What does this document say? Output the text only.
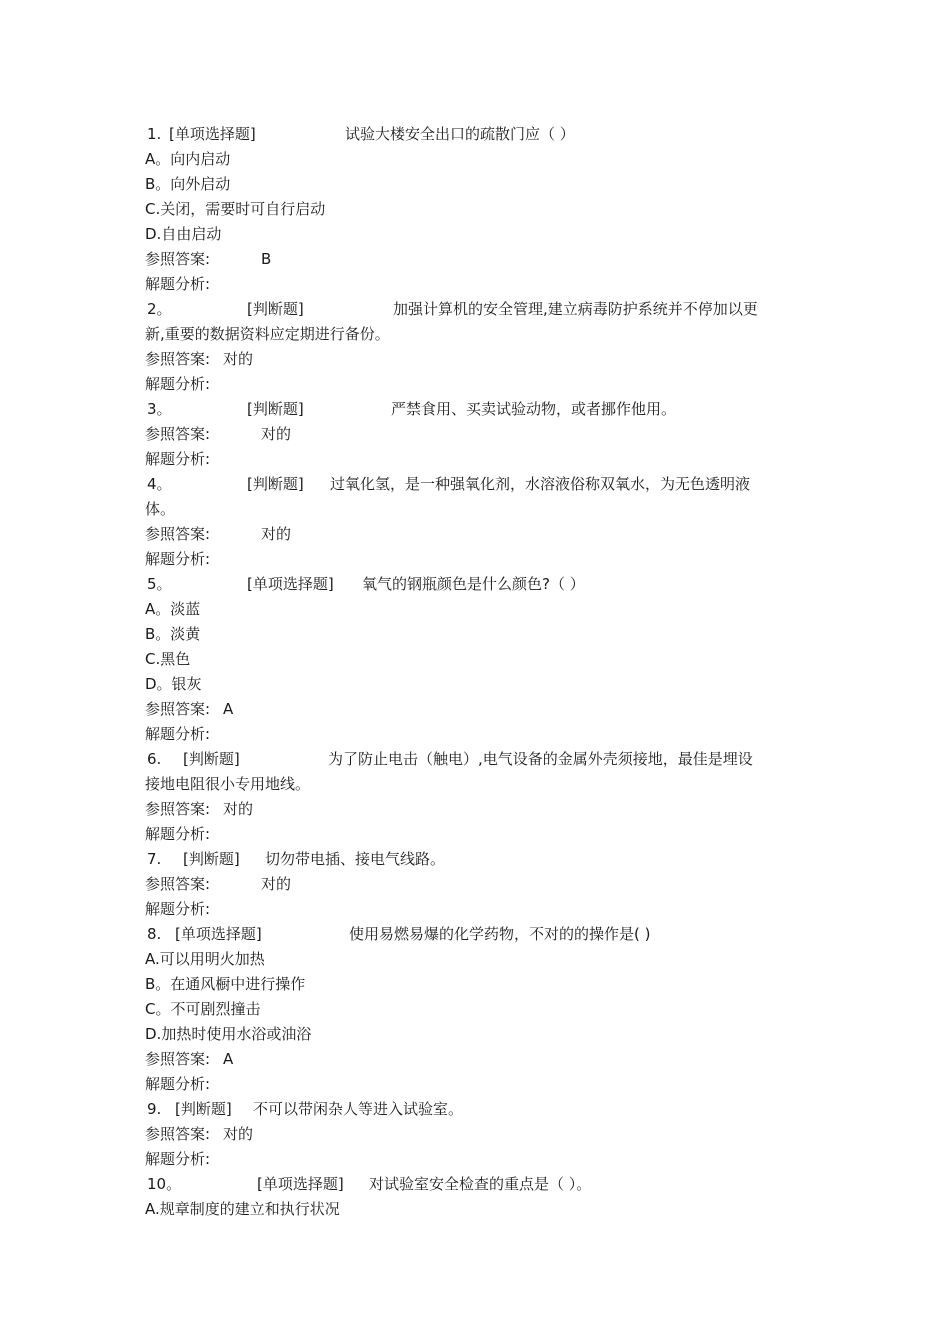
1. [单项选择题]	试验大楼安全出口的疏散门应（ ）
A。向内启动
B。向外启动
C.关闭，需要时可自行启动
D.自由启动
参照答案:	B
解题分析:
2。	[判断题]	加强计算机的安全管理,建立病毒防护系统并不停加以更
新,重要的数据资料应定期进行备份。
参照答案: 对的
解题分析:
3。	[判断题]	严禁食用、买卖试验动物，或者挪作他用。
参照答案:	对的
解题分析:
4。	[判断题] 过氧化氢，是一种强氧化剂，水溶液俗称双氧水，为无色透明液
体。
参照答案:	对的
解题分析:
5。	[单项选择题] 氧气的钢瓶颜色是什么颜色?（ ）
A。淡蓝
B。淡黄
C.黑色
D。银灰
参照答案: A
解题分析:
6. [判断题]	为了防止电击（触电）,电气设备的金属外壳须接地，最佳是埋设
接地电阻很小专用地线。
参照答案: 对的
解题分析:
7. [判断题] 切勿带电插、接电气线路。
参照答案:	对的
解题分析:
8. [单项选择题]	使用易燃易爆的化学药物，不对的的操作是( )
A.可以用明火加热
B。在通风橱中进行操作
C。不可剧烈撞击
D.加热时使用水浴或油浴
参照答案: A
解题分析:
9. [判断题] 不可以带闲杂人等进入试验室。
参照答案: 对的
解题分析:
10。	[单项选择题] 对试验室安全检查的重点是（ ）。
A.规章制度的建立和执行状况
